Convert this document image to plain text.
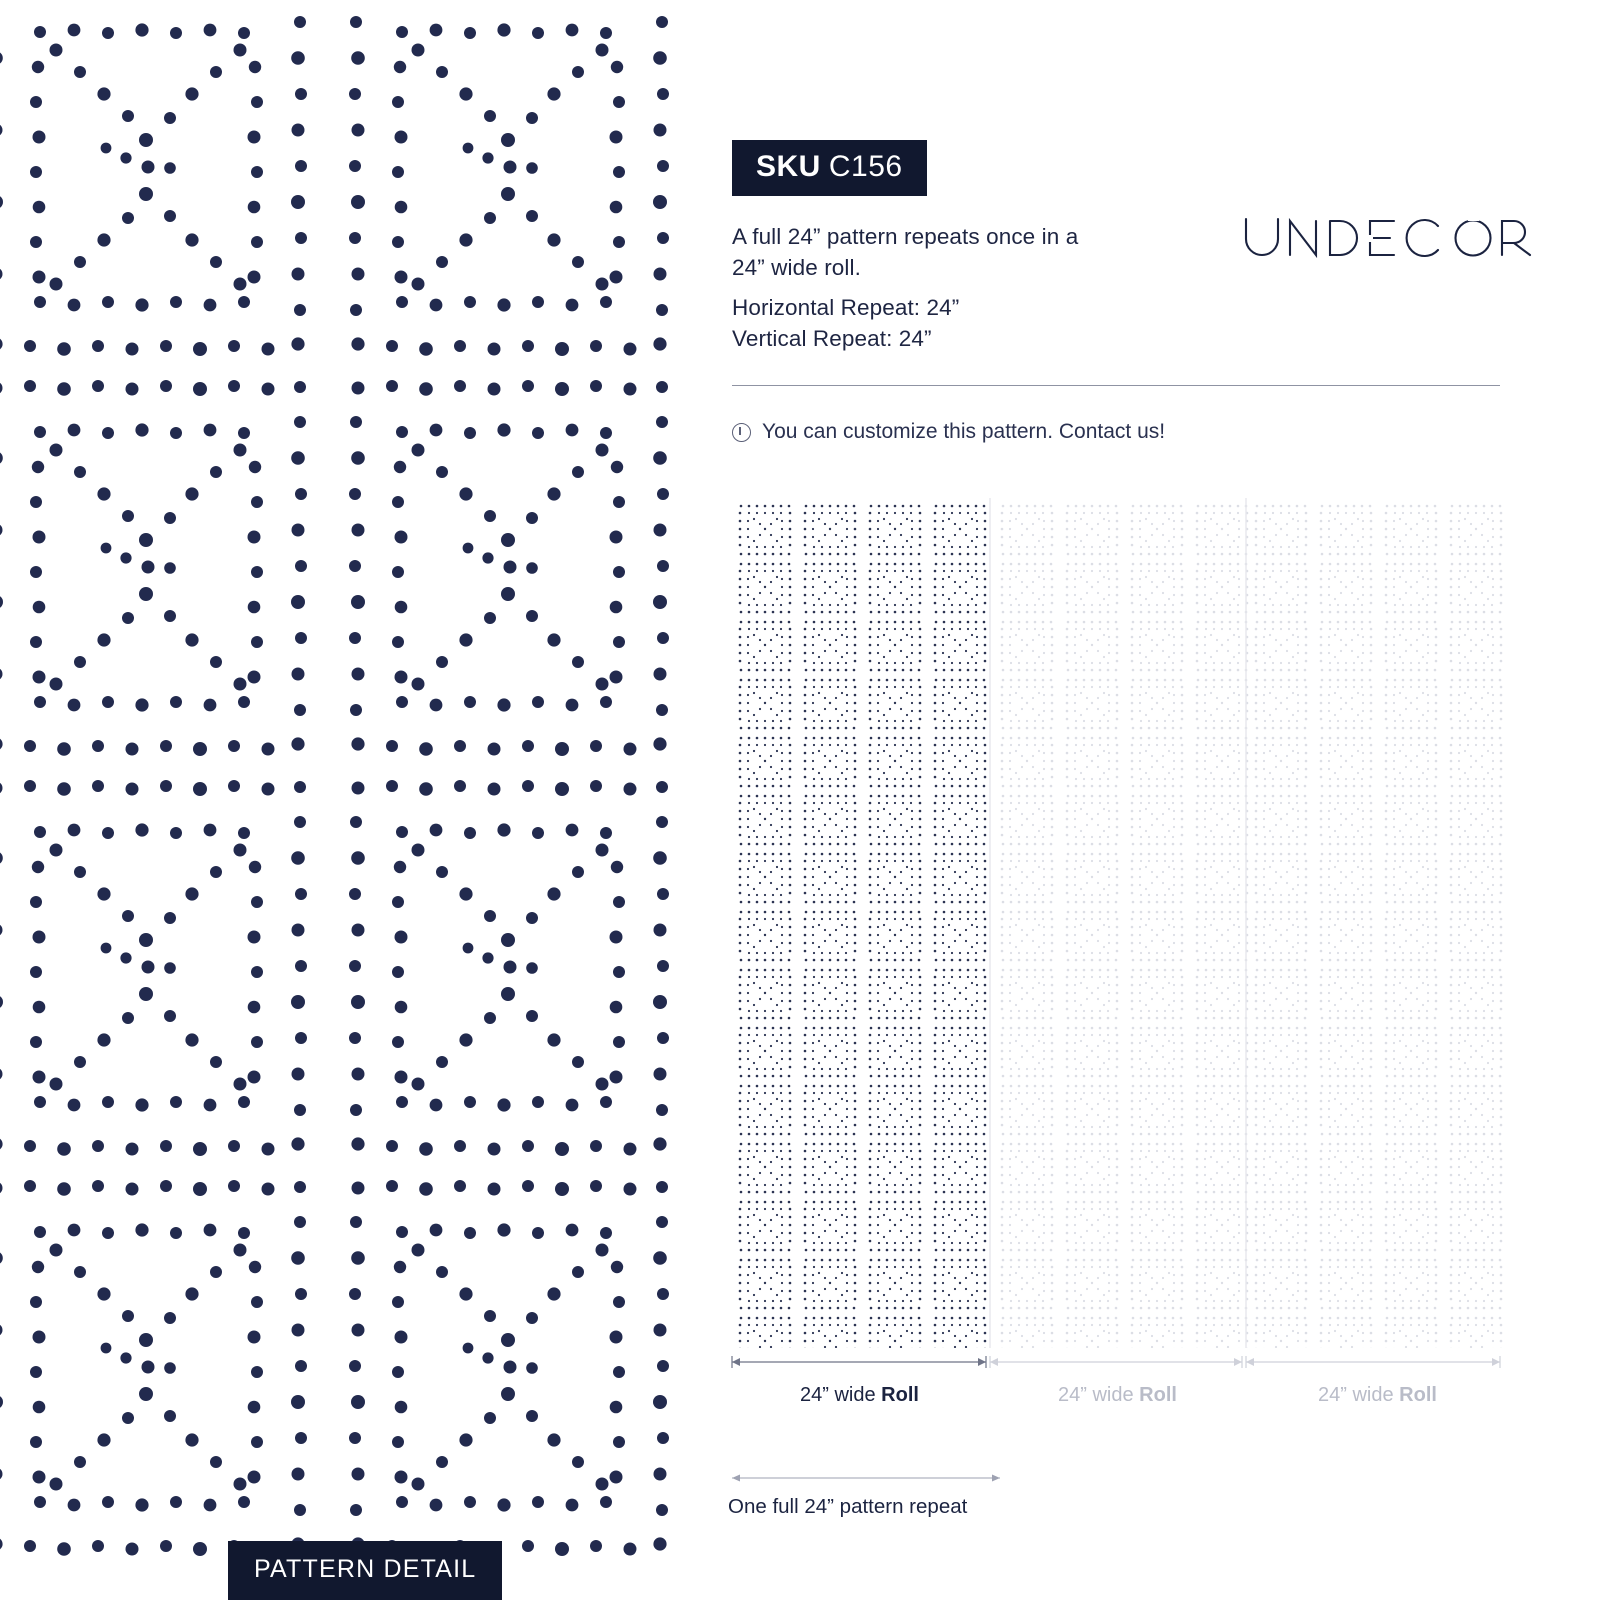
PATTERN DETAIL
SKU C156
A full 24” pattern repeats once in a 24” wide roll.
Horizontal Repeat: 24”
Vertical Repeat: 24”
You can customize this pattern. Contact us!
24” wide Roll	24” wide Roll	24” wide Roll
One full 24” pattern repeat
